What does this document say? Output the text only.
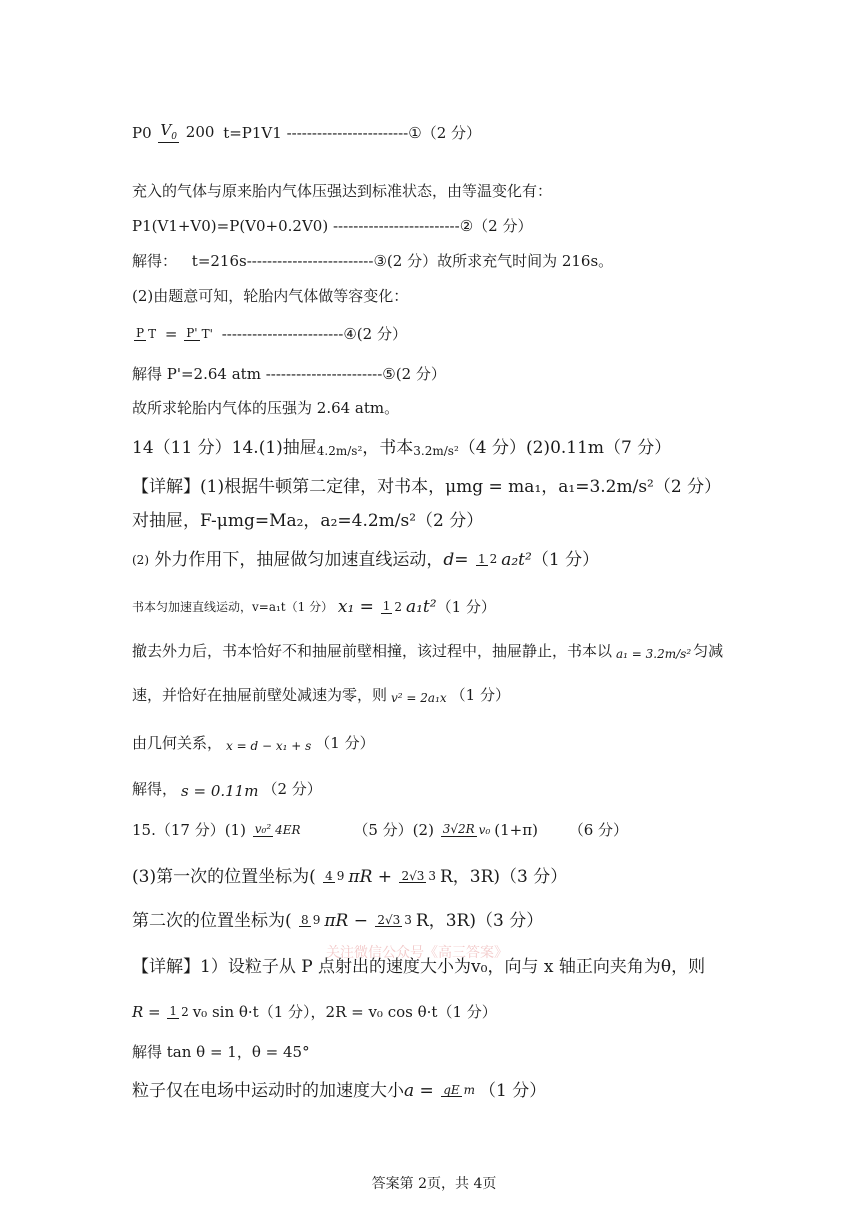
P0 $V_0$ 200 t=P1V1 ------------------------①（2 分）
充入的气体与原来胎内气体压强达到标准状态，由等温变化有：
P1(V1+V0)=P(V0+0.2V0) -------------------------②（2 分）
解得： t=216s-------------------------③(2 分）故所求充气时间为 216s。
(2)由题意可知，轮胎内气体做等容变化：
P T = P' T' ------------------------④(2 分）
解得 P'=2.64 atm -----------------------⑤(2 分）
故所求轮胎内气体的压强为 2.64 atm。
14（11 分）14.(1)抽屉4.2m/s²，书本3.2m/s²（4 分）(2)0.11m（7 分）
【详解】(1)根据牛顿第二定律，对书本，μmg = ma₁，a₁=3.2m/s²（2 分）
对抽屉，F-μmg=Ma₂，a₂=4.2m/s²（2 分）
(2) 外力作用下，抽屉做匀加速直线运动，d= 1 2 a₂t²（1 分）
书本匀加速直线运动，v=a₁t（1 分） x₁ = 1 2 a₁t²（1 分）
撤去外力后，书本恰好不和抽屉前壁相撞，该过程中，抽屉静止，书本以 a₁ = 3.2m/s² 匀减
速，并恰好在抽屉前壁处减速为零，则 v² = 2a₁x （1 分）
由几何关系， x = d − x₁ + s （1 分）
解得， s = 0.11m （2 分）
15.（17 分）(1) v₀² 4ER	（5 分）(2) 3√2R v₀ (1+π) （6 分）
(3)第一次的位置坐标为( 4 9 πR + 2√3 3 R，3R)（3 分）
第二次的位置坐标为( 8 9 πR − 2√3 3 R，3R)（3 分）
关注微信公众号《高三答案》
【详解】1）设粒子从 P 点射出的速度大小为v₀，向与 x 轴正向夹角为θ，则
R = 1 2 v₀ sin θ·t（1 分），2R = v₀ cos θ·t（1 分）
解得 tan θ = 1，θ = 45°
粒子仅在电场中运动时的加速度大小a = qE m （1 分）
答案第 2页，共 4页
